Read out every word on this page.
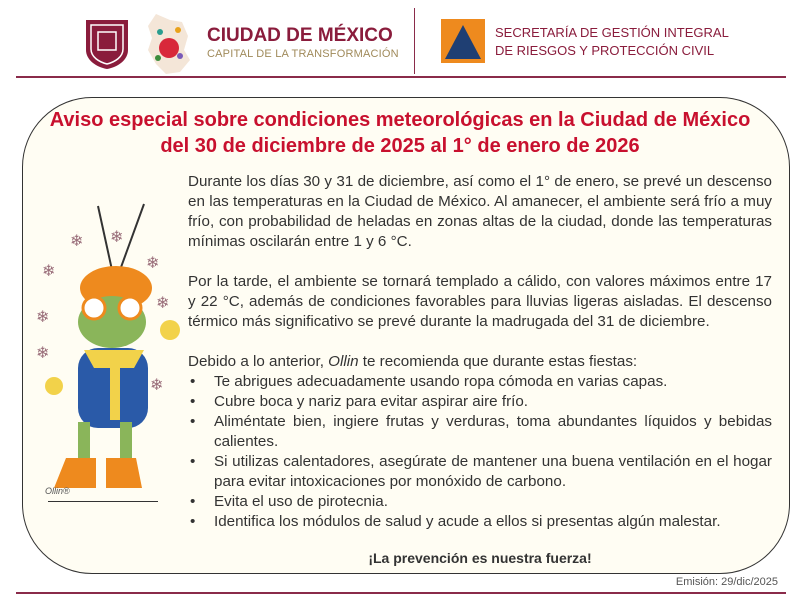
CIUDAD DE MÉXICO
CAPITAL DE LA TRANSFORMACIÓN
SECRETARÍA DE GESTIÓN INTEGRAL
DE RIESGOS Y PROTECCIÓN CIVIL
Aviso especial sobre condiciones meteorológicas en la Ciudad de México
del 30 de diciembre de 2025 al 1° de enero de 2026
❄ ❄
❄
❄
❄
❄
❄
❄
Ollin®

Durante los días 30 y 31 de diciembre, así como el 1° de enero, se prevé un descenso en las temperaturas en la Ciudad de México. Al amanecer, el ambiente será frío a muy frío, con probabilidad de heladas en zonas altas de la ciudad, donde las temperaturas mínimas oscilarán entre 1 y 6 °C.

Por la tarde, el ambiente se tornará templado a cálido, con valores máximos entre 17 y 22 °C, además de condiciones favorables para lluvias ligeras aisladas. El descenso térmico más significativo se prevé durante la madrugada del 31 de diciembre.

Debido a lo anterior, Ollin te recomienda que durante estas fiestas:
• Te abrigues adecuadamente usando ropa cómoda en varias capas.
• Cubre boca y nariz para evitar aspirar aire frío.
• Aliméntate bien, ingiere frutas y verduras, toma abundantes líquidos y bebidas calientes.
• Si utilizas calentadores, asegúrate de mantener una buena ventilación en el hogar para evitar intoxicaciones por monóxido de carbono.
• Evita el uso de pirotecnia.
• Identifica los módulos de salud y acude a ellos si presentas algún malestar.
¡La prevención es nuestra fuerza!
Emisión: 29/dic/2025
